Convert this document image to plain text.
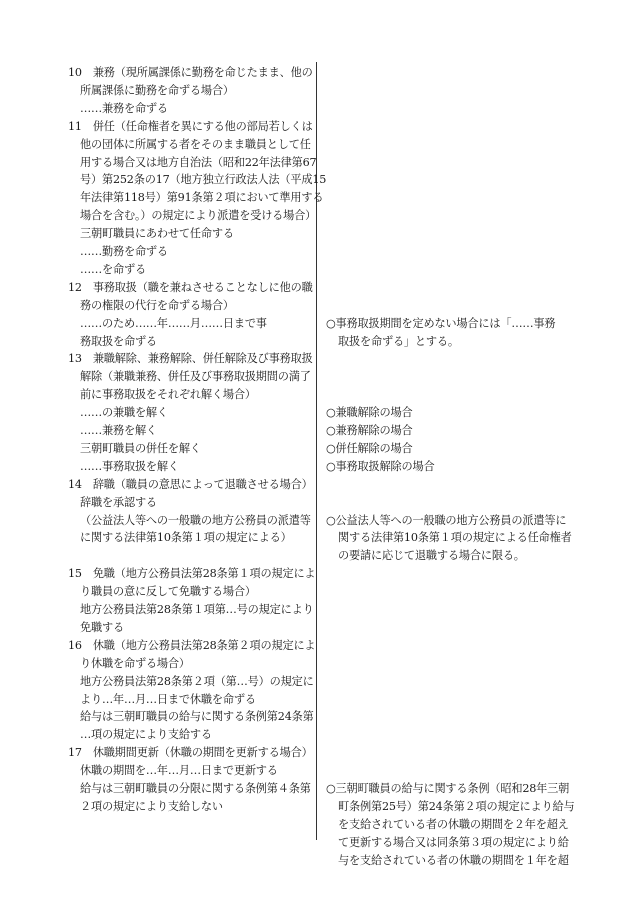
10　兼務（現所属課係に勤務を命じたまま、他の
所属課係に勤務を命ずる場合）
……兼務を命ずる
11　併任（任命権者を異にする他の部局若しくは
他の団体に所属する者をそのまま職員として任
用する場合又は地方自治法（昭和22年法律第67
号）第252条の17（地方独立行政法人法（平成15
年法律第118号）第91条第２項において準用する
場合を含む。）の規定により派遣を受ける場合）
三朝町職員にあわせて任命する
……勤務を命ずる
……を命ずる
12　事務取扱（職を兼ねさせることなしに他の職
務の権限の代行を命ずる場合）
……のため……年……月……日まで事
務取扱を命ずる
13　兼職解除、兼務解除、併任解除及び事務取扱
解除（兼職兼務、併任及び事務取扱期間の満了
前に事務取扱をそれぞれ解く場合）
……の兼職を解く
……兼務を解く
三朝町職員の併任を解く
……事務取扱を解く
14　辞職（職員の意思によって退職させる場合）
辞職を承認する
（公益法人等への一般職の地方公務員の派遣等
に関する法律第10条第１項の規定による）
15　免職（地方公務員法第28条第１項の規定によ
り職員の意に反して免職する場合）
地方公務員法第28条第１項第…号の規定により
免職する
16　休職（地方公務員法第28条第２項の規定によ
り休職を命ずる場合）
地方公務員法第28条第２項（第…号）の規定に
より…年…月…日まで休職を命ずる
給与は三朝町職員の給与に関する条例第24条第
…項の規定により支給する
17　休職期間更新（休職の期間を更新する場合）
休職の期間を…年…月…日まで更新する
給与は三朝町職員の分限に関する条例第４条第
２項の規定により支給しない
○事務取扱期間を定めない場合には「……事務
取扱を命ずる」とする。
○兼職解除の場合
○兼務解除の場合
○併任解除の場合
○事務取扱解除の場合
○公益法人等への一般職の地方公務員の派遣等に
関する法律第10条第１項の規定による任命権者
の要請に応じて退職する場合に限る。
○三朝町職員の給与に関する条例（昭和28年三朝
町条例第25号）第24条第２項の規定により給与
を支給されている者の休職の期間を２年を超え
て更新する場合又は同条第３項の規定により給
与を支給されている者の休職の期間を１年を超
